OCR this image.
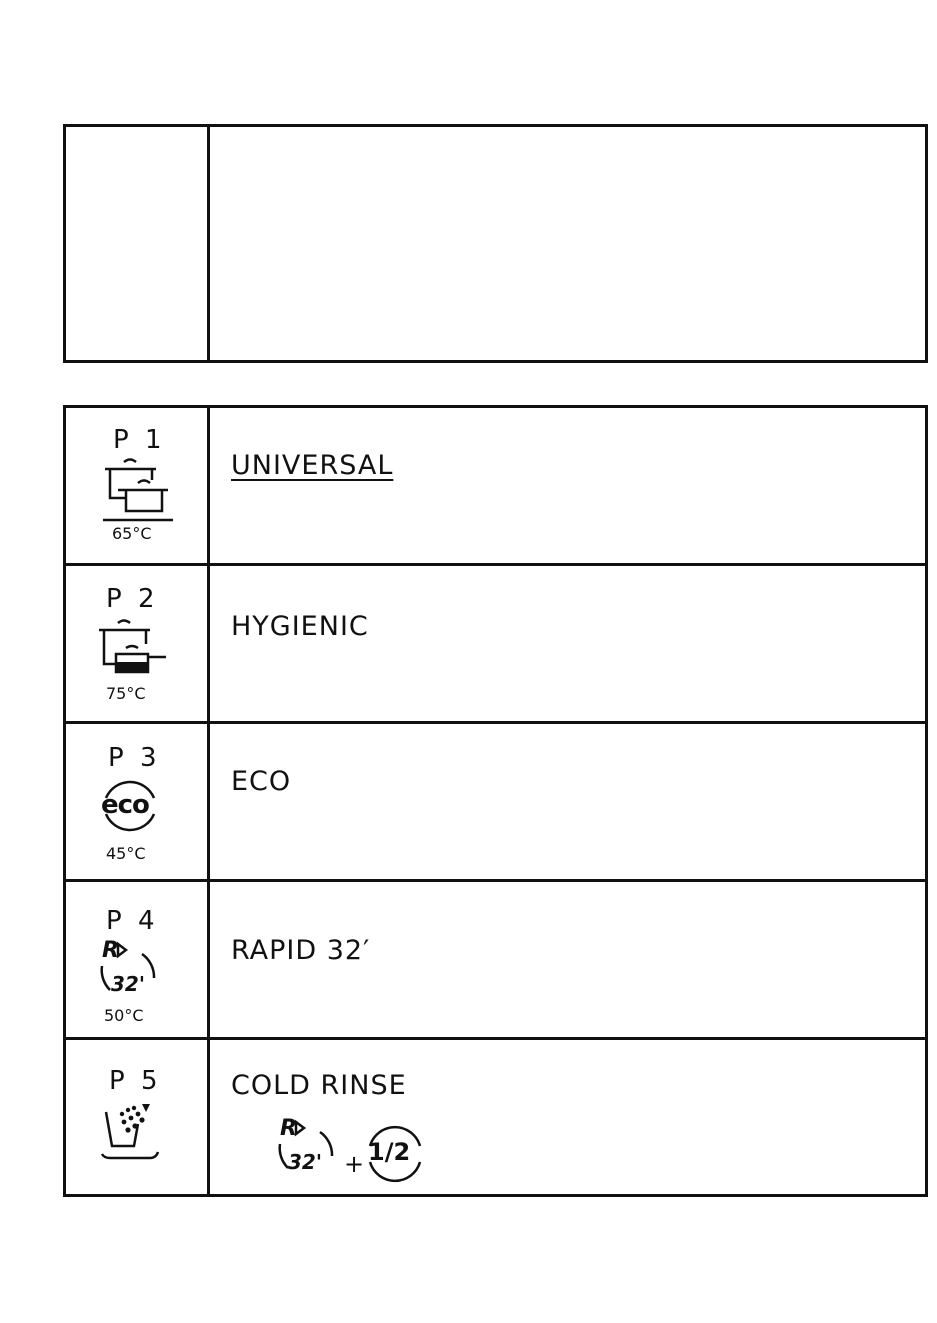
P 1
65°C
UNIVERSAL
P 2
75°C
HYGIENIC
P 3
eco
45°C
ECO
P 4
R
32'
50°C
RAPID 32′
P 5	COLD RINSE
R
32' + 1/2
